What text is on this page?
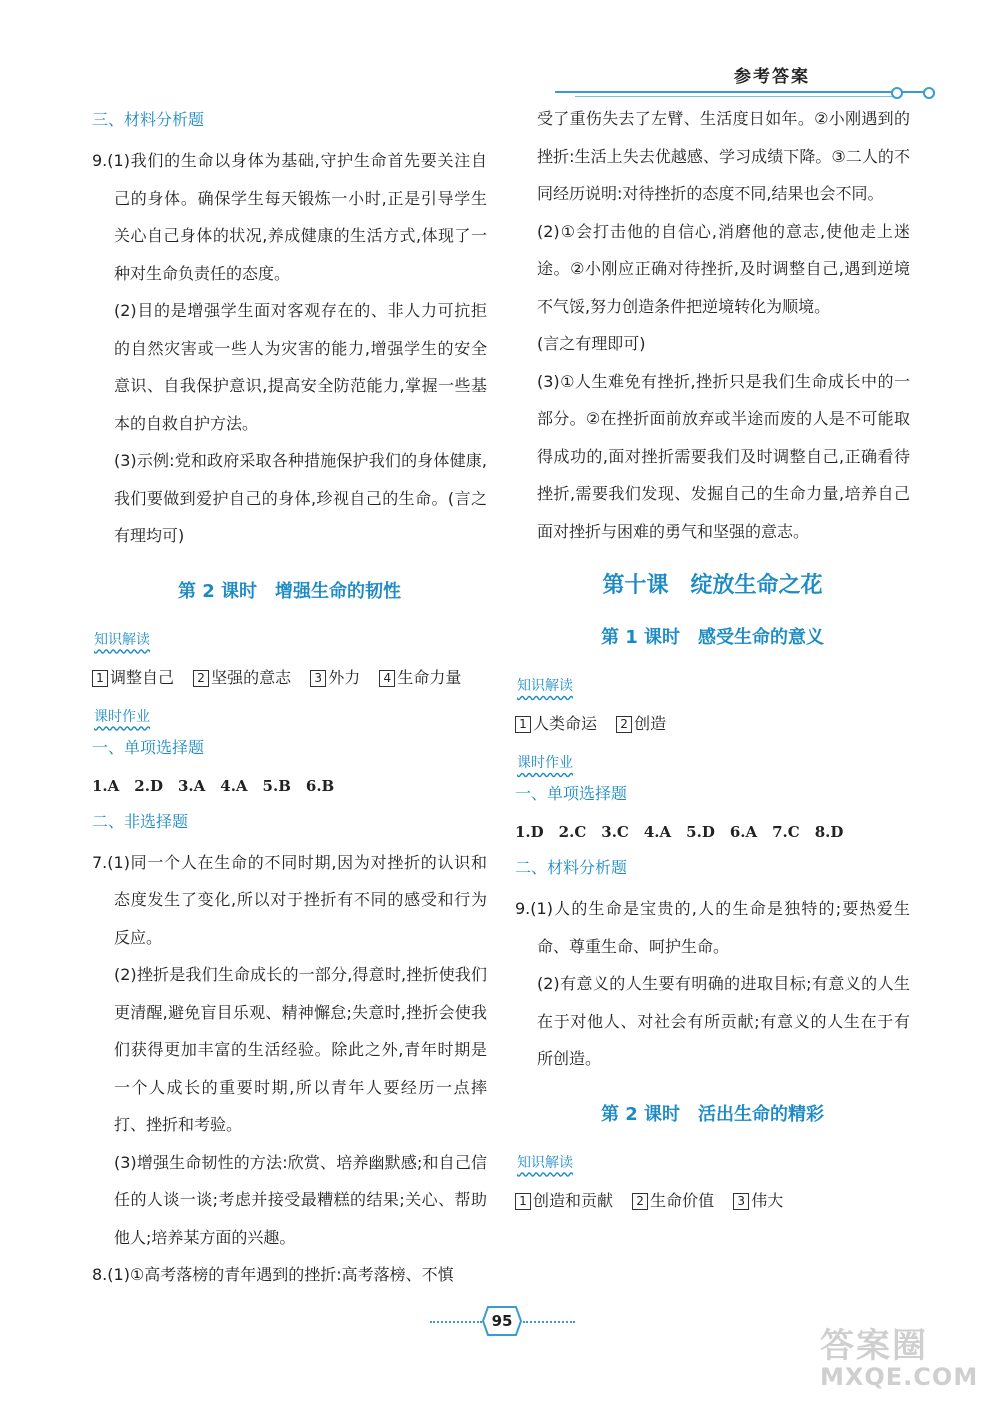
参考答案
三、材料分析题

9.(1)我们的生命以身体为基础,守护生命首先要关注自己的身体。确保学生每天锻炼一小时,正是引导学生关心自己身体的状况,养成健康的生活方式,体现了一种对生命负责任的态度。

(2)目的是增强学生面对客观存在的、非人力可抗拒的自然灾害或一些人为灾害的能力,增强学生的安全意识、自我保护意识,提高安全防范能力,掌握一些基本的自救自护方法。

(3)示例:党和政府采取各种措施保护我们的身体健康,我们要做到爱护自己的身体,珍视自己的生命。(言之有理均可)

第 2 课时　增强生命的韧性
知识解读
1 调整自己 2 坚强的意志 3 外力 4 生命力量
课时作业
一、单项选择题
1.A　2.D　3.A　4.A　5.B　6.B
二、非选择题

7.(1)同一个人在生命的不同时期,因为对挫折的认识和态度发生了变化,所以对于挫折有不同的感受和行为反应。

(2)挫折是我们生命成长的一部分,得意时,挫折使我们更清醒,避免盲目乐观、精神懈怠;失意时,挫折会使我们获得更加丰富的生活经验。除此之外,青年时期是一个人成长的重要时期,所以青年人要经历一点摔打、挫折和考验。

(3)增强生命韧性的方法:欣赏、培养幽默感;和自己信任的人谈一谈;考虑并接受最糟糕的结果;关心、帮助他人;培养某方面的兴趣。

8.(1)①高考落榜的青年遇到的挫折:高考落榜、不慎

受了重伤失去了左臂、生活度日如年。②小刚遇到的挫折:生活上失去优越感、学习成绩下降。③二人的不同经历说明:对待挫折的态度不同,结果也会不同。

(2)①会打击他的自信心,消磨他的意志,使他走上迷途。②小刚应正确对待挫折,及时调整自己,遇到逆境不气馁,努力创造条件把逆境转化为顺境。

(言之有理即可)

(3)①人生难免有挫折,挫折只是我们生命成长中的一部分。②在挫折面前放弃或半途而废的人是不可能取得成功的,面对挫折需要我们及时调整自己,正确看待挫折,需要我们发现、发掘自己的生命力量,培养自己面对挫折与困难的勇气和坚强的意志。

第十课　绽放生命之花
第 1 课时　感受生命的意义
知识解读
1 人类命运 2 创造
课时作业
一、单项选择题
1.D　2.C　3.C　4.A　5.D　6.A　7.C　8.D
二、材料分析题

9.(1)人的生命是宝贵的,人的生命是独特的;要热爱生命、尊重生命、呵护生命。

(2)有意义的人生要有明确的进取目标;有意义的人生在于对他人、对社会有所贡献;有意义的人生在于有所创造。

第 2 课时　活出生命的精彩
知识解读
1 创造和贡献 2 生命价值 3 伟大
95
答案圈
MXQE.COM
